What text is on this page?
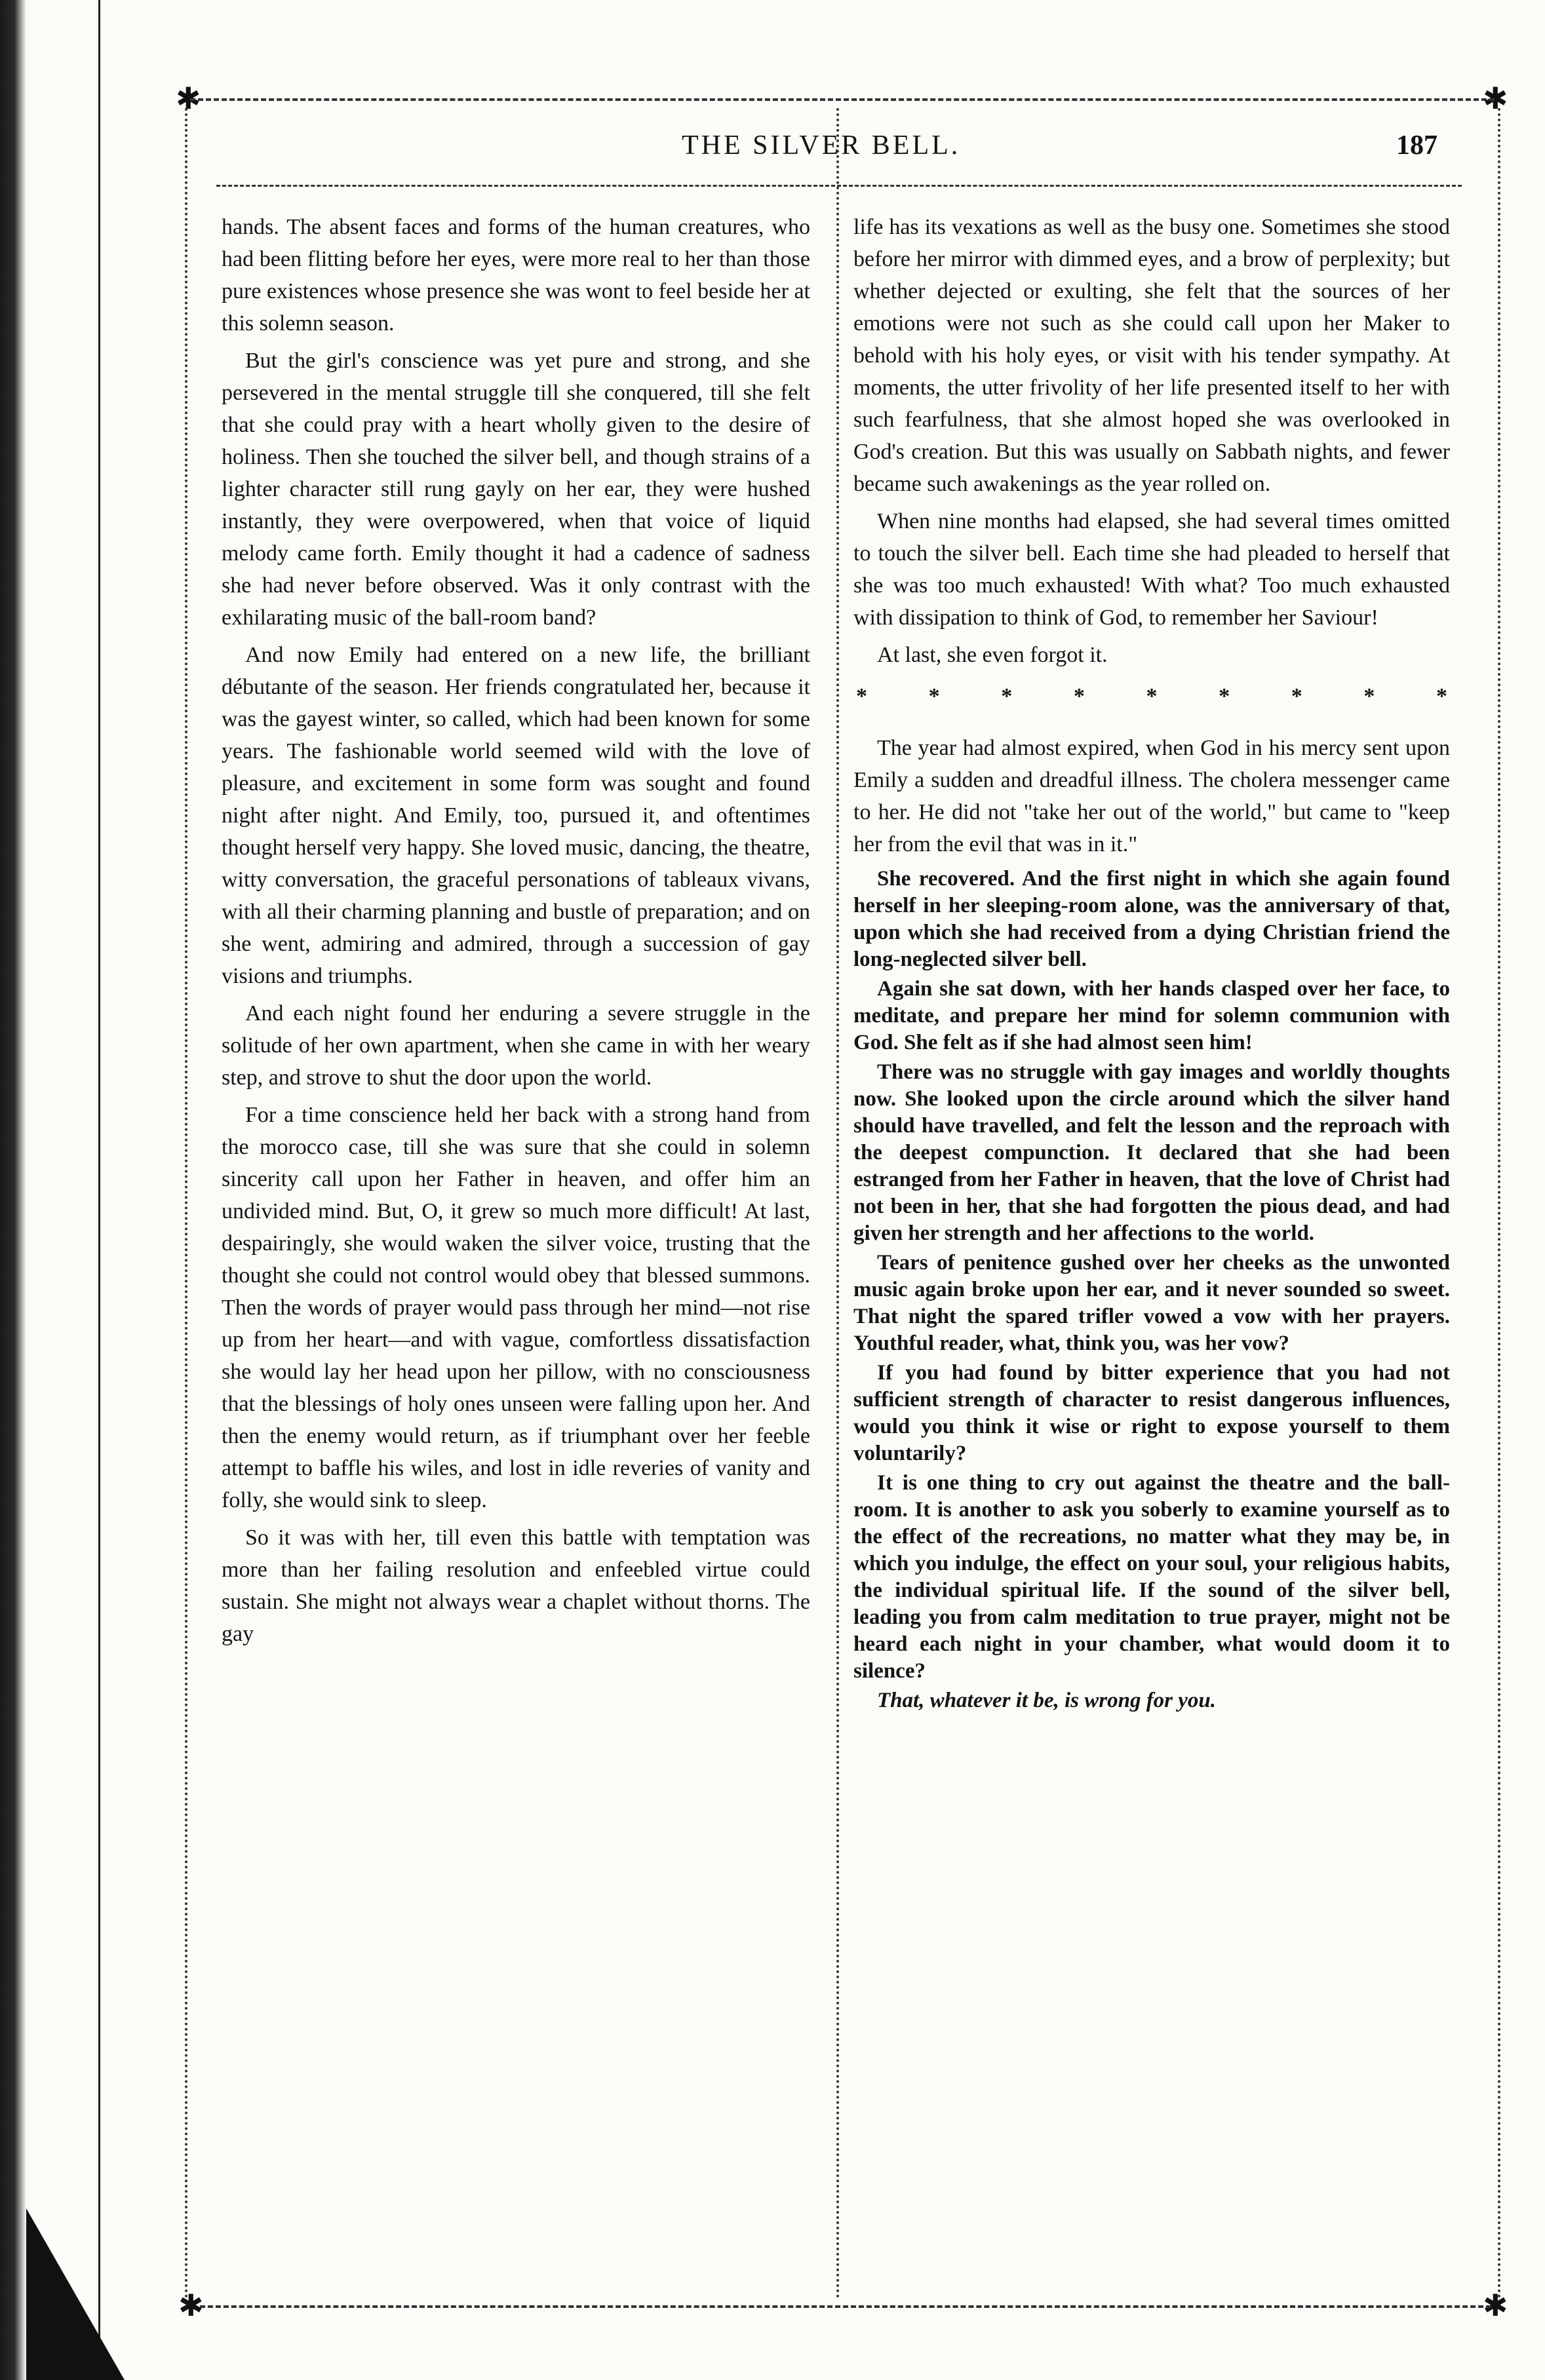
✱	✱
✱	✱
THE SILVER BELL.	187

hands. The absent faces and forms of the human creatures, who had been flitting before her eyes, were more real to her than those pure existences whose presence she was wont to feel beside her at this solemn season.

But the girl's conscience was yet pure and strong, and she persevered in the mental struggle till she conquered, till she felt that she could pray with a heart wholly given to the desire of holiness. Then she touched the silver bell, and though strains of a lighter character still rung gayly on her ear, they were hushed instantly, they were overpowered, when that voice of liquid melody came forth. Emily thought it had a cadence of sadness she had never before observed. Was it only contrast with the exhilarating music of the ball-room band?

And now Emily had entered on a new life, the brilliant débutante of the season. Her friends congratulated her, because it was the gayest winter, so called, which had been known for some years. The fashionable world seemed wild with the love of pleasure, and excitement in some form was sought and found night after night. And Emily, too, pursued it, and oftentimes thought herself very happy. She loved music, dancing, the theatre, witty conversation, the graceful personations of tableaux vivans, with all their charming planning and bustle of preparation; and on she went, admiring and admired, through a succession of gay visions and triumphs.

And each night found her enduring a severe struggle in the solitude of her own apartment, when she came in with her weary step, and strove to shut the door upon the world.

For a time conscience held her back with a strong hand from the morocco case, till she was sure that she could in solemn sincerity call upon her Father in heaven, and offer him an undivided mind. But, O, it grew so much more difficult! At last, despairingly, she would waken the silver voice, trusting that the thought she could not control would obey that blessed summons. Then the words of prayer would pass through her mind—not rise up from her heart—and with vague, comfortless dissatisfaction she would lay her head upon her pillow, with no consciousness that the blessings of holy ones unseen were falling upon her. And then the enemy would return, as if triumphant over her feeble attempt to baffle his wiles, and lost in idle reveries of vanity and folly, she would sink to sleep.

So it was with her, till even this battle with temptation was more than her failing resolution and enfeebled virtue could sustain. She might not always wear a chaplet without thorns. The gay

life has its vexations as well as the busy one. Sometimes she stood before her mirror with dimmed eyes, and a brow of perplexity; but whether dejected or exulting, she felt that the sources of her emotions were not such as she could call upon her Maker to behold with his holy eyes, or visit with his tender sympathy. At moments, the utter frivolity of her life presented itself to her with such fearfulness, that she almost hoped she was overlooked in God's creation. But this was usually on Sabbath nights, and fewer became such awakenings as the year rolled on.

When nine months had elapsed, she had several times omitted to touch the silver bell. Each time she had pleaded to herself that she was too much exhausted! With what? Too much exhausted with dissipation to think of God, to remember her Saviour!

At last, she even forgot it.

*	*	*	*	*	*	*	*	*

The year had almost expired, when God in his mercy sent upon Emily a sudden and dreadful illness. The cholera messenger came to her. He did not "take her out of the world," but came to "keep her from the evil that was in it."

She recovered. And the first night in which she again found herself in her sleeping-room alone, was the anniversary of that, upon which she had received from a dying Christian friend the long-neglected silver bell.

Again she sat down, with her hands clasped over her face, to meditate, and prepare her mind for solemn communion with God. She felt as if she had almost seen him!

There was no struggle with gay images and worldly thoughts now. She looked upon the circle around which the silver hand should have travelled, and felt the lesson and the reproach with the deepest compunction. It declared that she had been estranged from her Father in heaven, that the love of Christ had not been in her, that she had forgotten the pious dead, and had given her strength and her affections to the world.

Tears of penitence gushed over her cheeks as the unwonted music again broke upon her ear, and it never sounded so sweet. That night the spared trifler vowed a vow with her prayers. Youthful reader, what, think you, was her vow?

If you had found by bitter experience that you had not sufficient strength of character to resist dangerous influences, would you think it wise or right to expose yourself to them voluntarily?

It is one thing to cry out against the theatre and the ball-room. It is another to ask you soberly to examine yourself as to the effect of the recreations, no matter what they may be, in which you indulge, the effect on your soul, your religious habits, the individual spiritual life. If the sound of the silver bell, leading you from calm meditation to true prayer, might not be heard each night in your chamber, what would doom it to silence?

That, whatever it be, is wrong for you.
